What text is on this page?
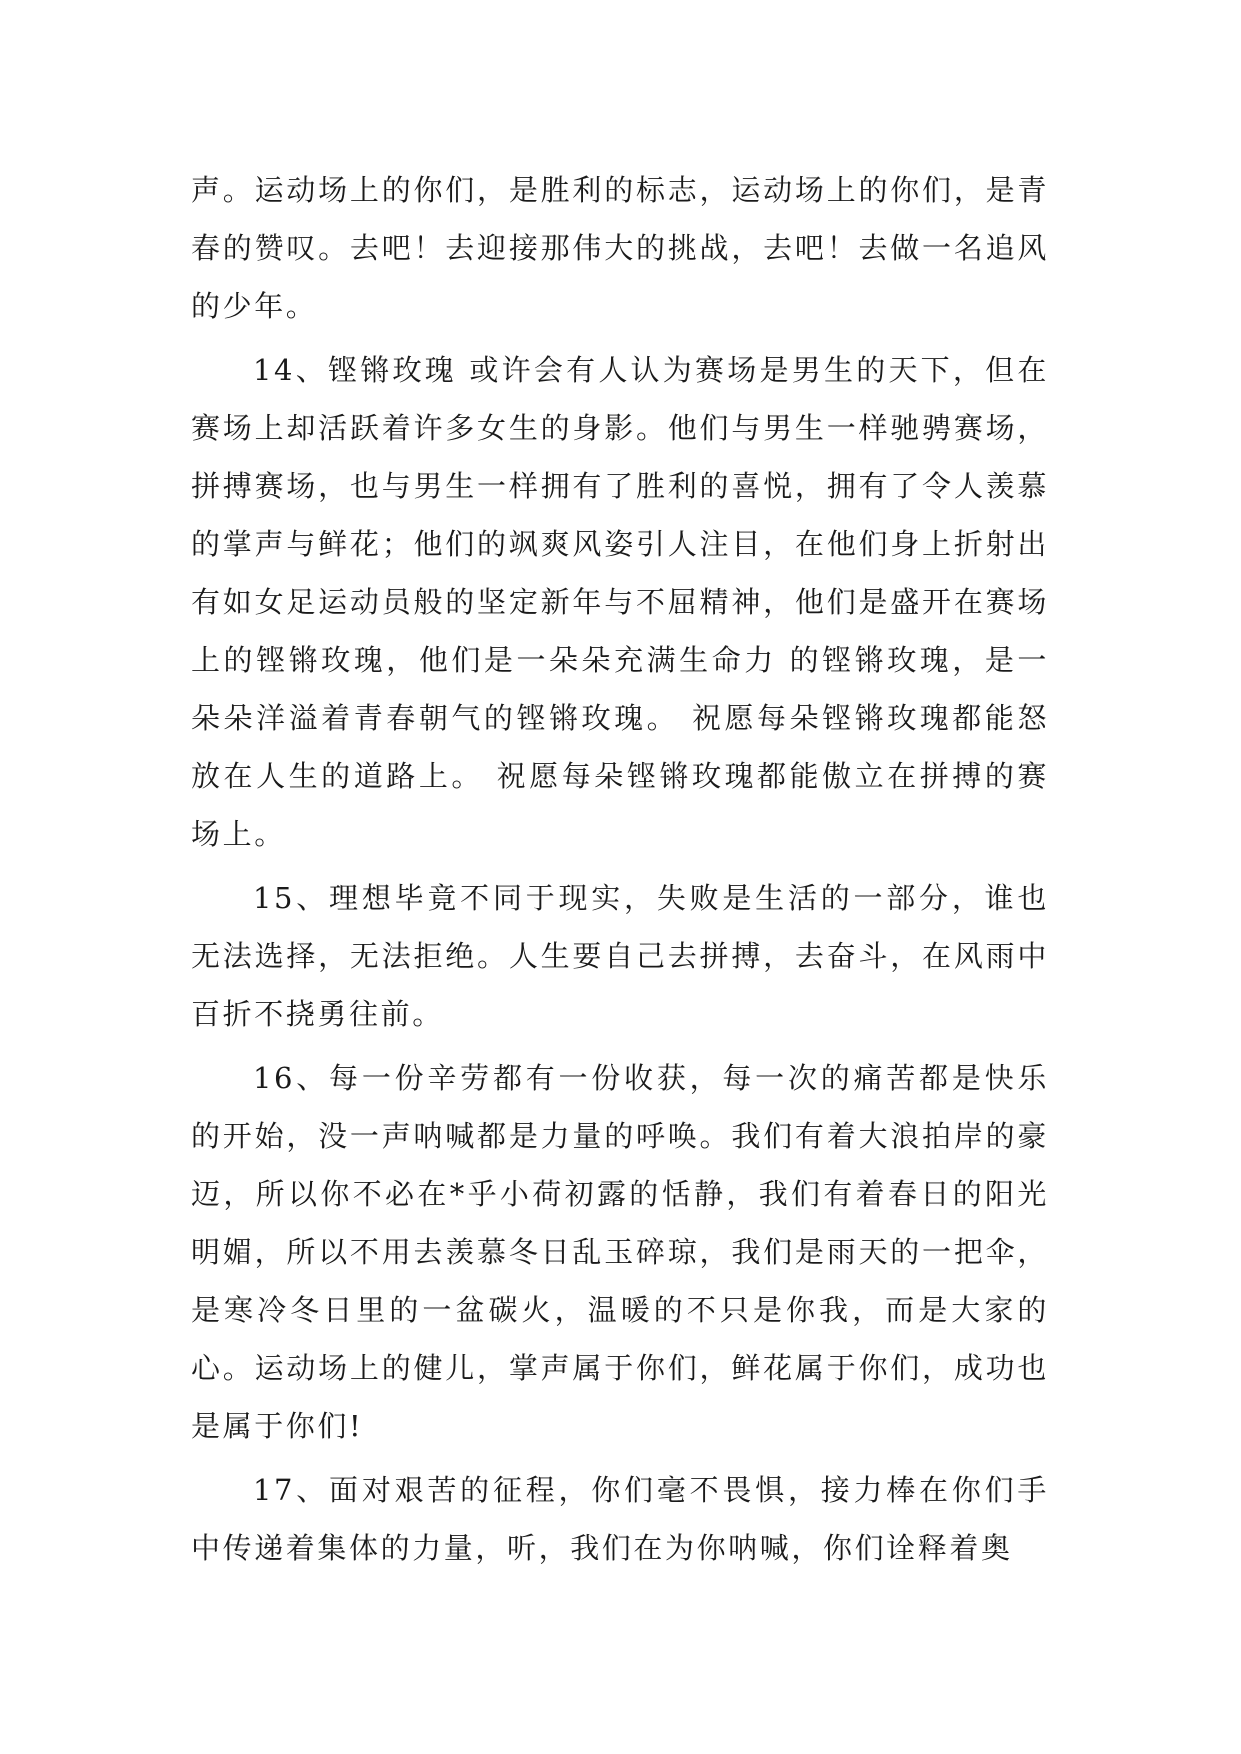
声。运动场上的你们，是胜利的标志，运动场上的你们，是青春的赞叹。去吧！去迎接那伟大的挑战，去吧！去做一名追风的少年。

14、铿锵玫瑰 或许会有人认为赛场是男生的天下，但在赛场上却活跃着许多女生的身影。他们与男生一样驰骋赛场，拼搏赛场，也与男生一样拥有了胜利的喜悦，拥有了令人羡慕的掌声与鲜花；他们的飒爽风姿引人注目，在他们身上折射出有如女足运动员般的坚定新年与不屈精神，他们是盛开在赛场上的铿锵玫瑰，他们是一朵朵充满生命力 的铿锵玫瑰，是一朵朵洋溢着青春朝气的铿锵玫瑰。 祝愿每朵铿锵玫瑰都能怒放在人生的道路上。 祝愿每朵铿锵玫瑰都能傲立在拼搏的赛场上。

15、理想毕竟不同于现实，失败是生活的一部分，谁也无法选择，无法拒绝。人生要自己去拼搏，去奋斗，在风雨中百折不挠勇往前。

16、每一份辛劳都有一份收获，每一次的痛苦都是快乐的开始，没一声呐喊都是力量的呼唤。我们有着大浪拍岸的豪迈，所以你不必在*乎小荷初露的恬静，我们有着春日的阳光明媚，所以不用去羡慕冬日乱玉碎琼，我们是雨天的一把伞，是寒冷冬日里的一盆碳火，温暖的不只是你我，而是大家的心。运动场上的健儿，掌声属于你们，鲜花属于你们，成功也是属于你们!

17、面对艰苦的征程，你们毫不畏惧，接力棒在你们手中传递着集体的力量，听，我们在为你呐喊，你们诠释着奥
